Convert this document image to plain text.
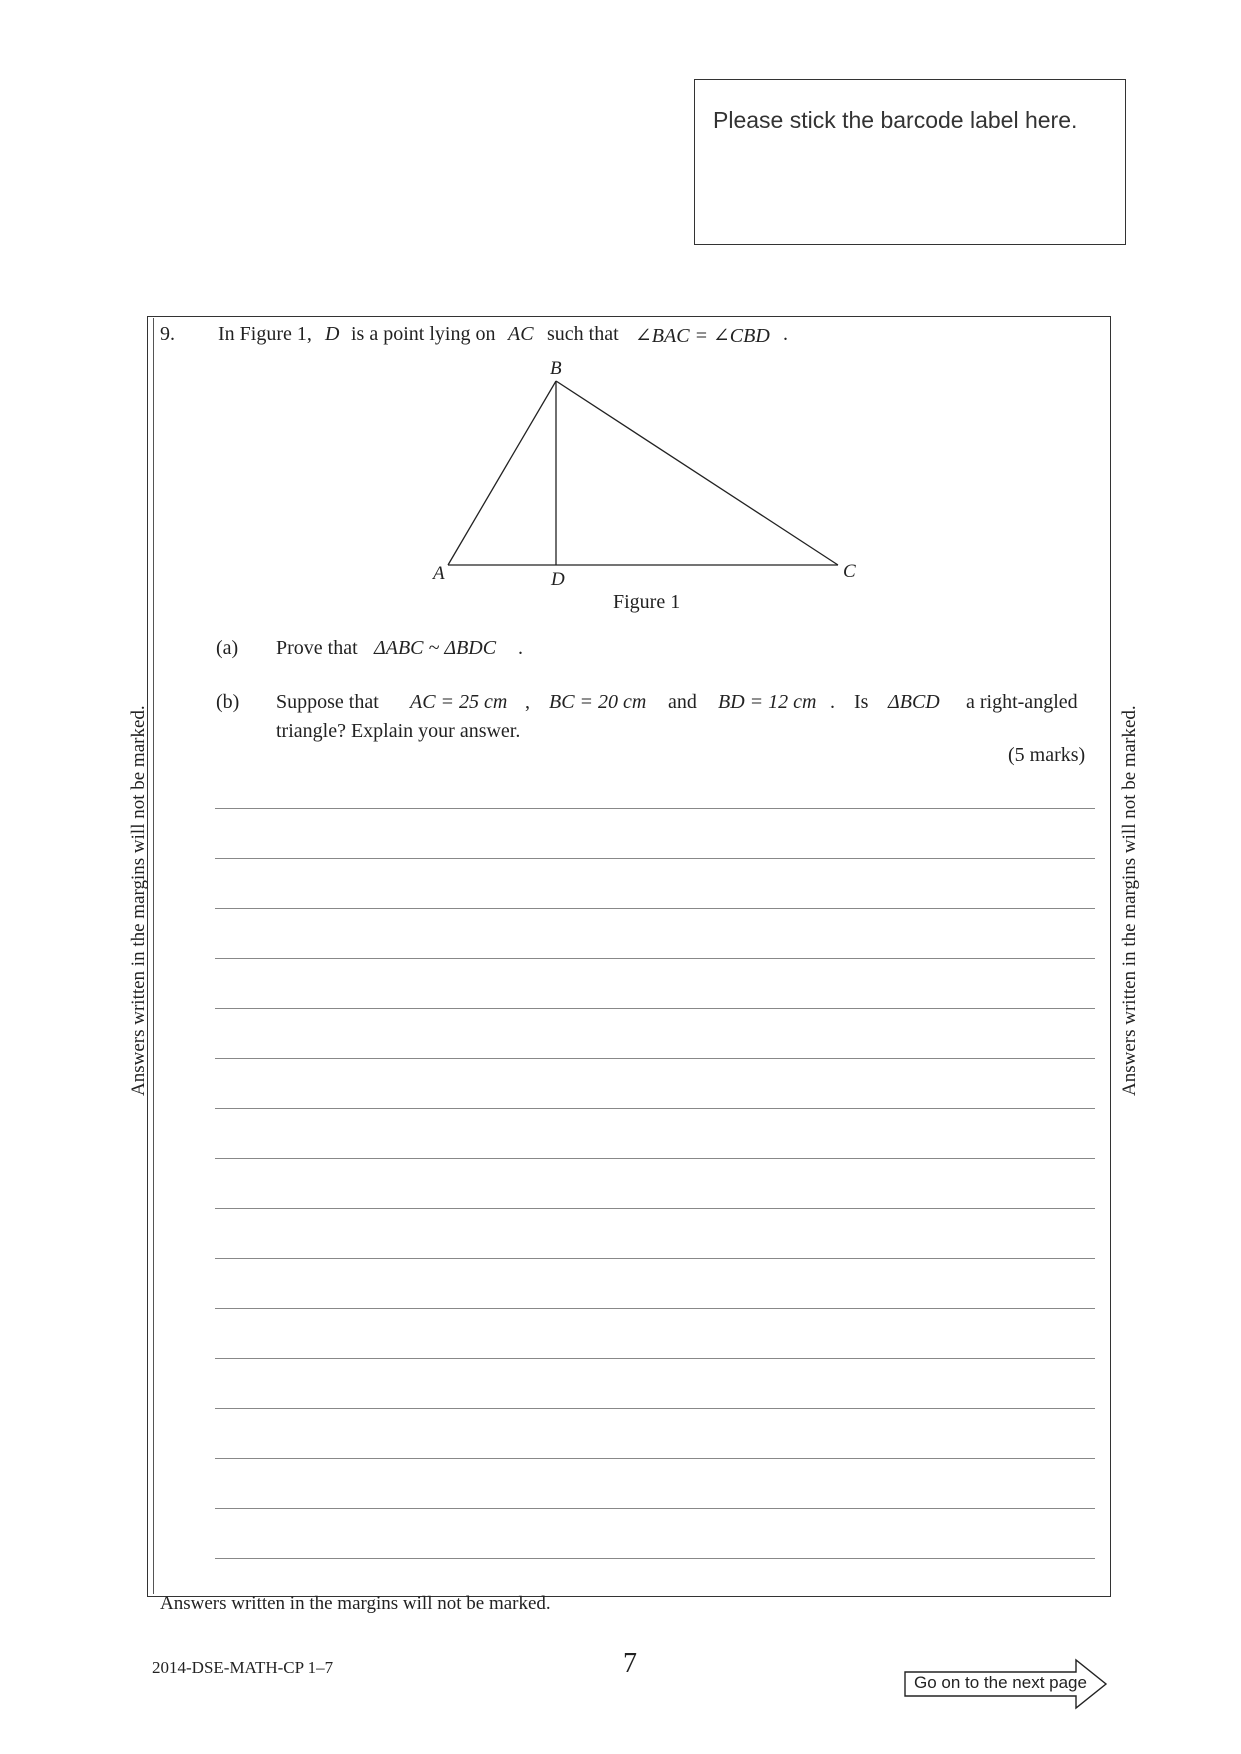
Please stick the barcode label here.
9. In Figure 1, D is a point lying on AC such that ∠BAC = ∠CBD .
B
A	D	C
Figure 1
(a) Prove that ΔABC ~ ΔBDC .
(b) Suppose that AC = 25 cm , BC = 20 cm and BD = 12 cm . Is ΔBCD a right-angled
triangle? Explain your answer.
(5 marks)
Answers written in the margins will not be marked.	Answers written in the margins will not be marked.
Answers written in the margins will not be marked.
2014-DSE-MATH-CP 1–7	7
Go on to the next page
